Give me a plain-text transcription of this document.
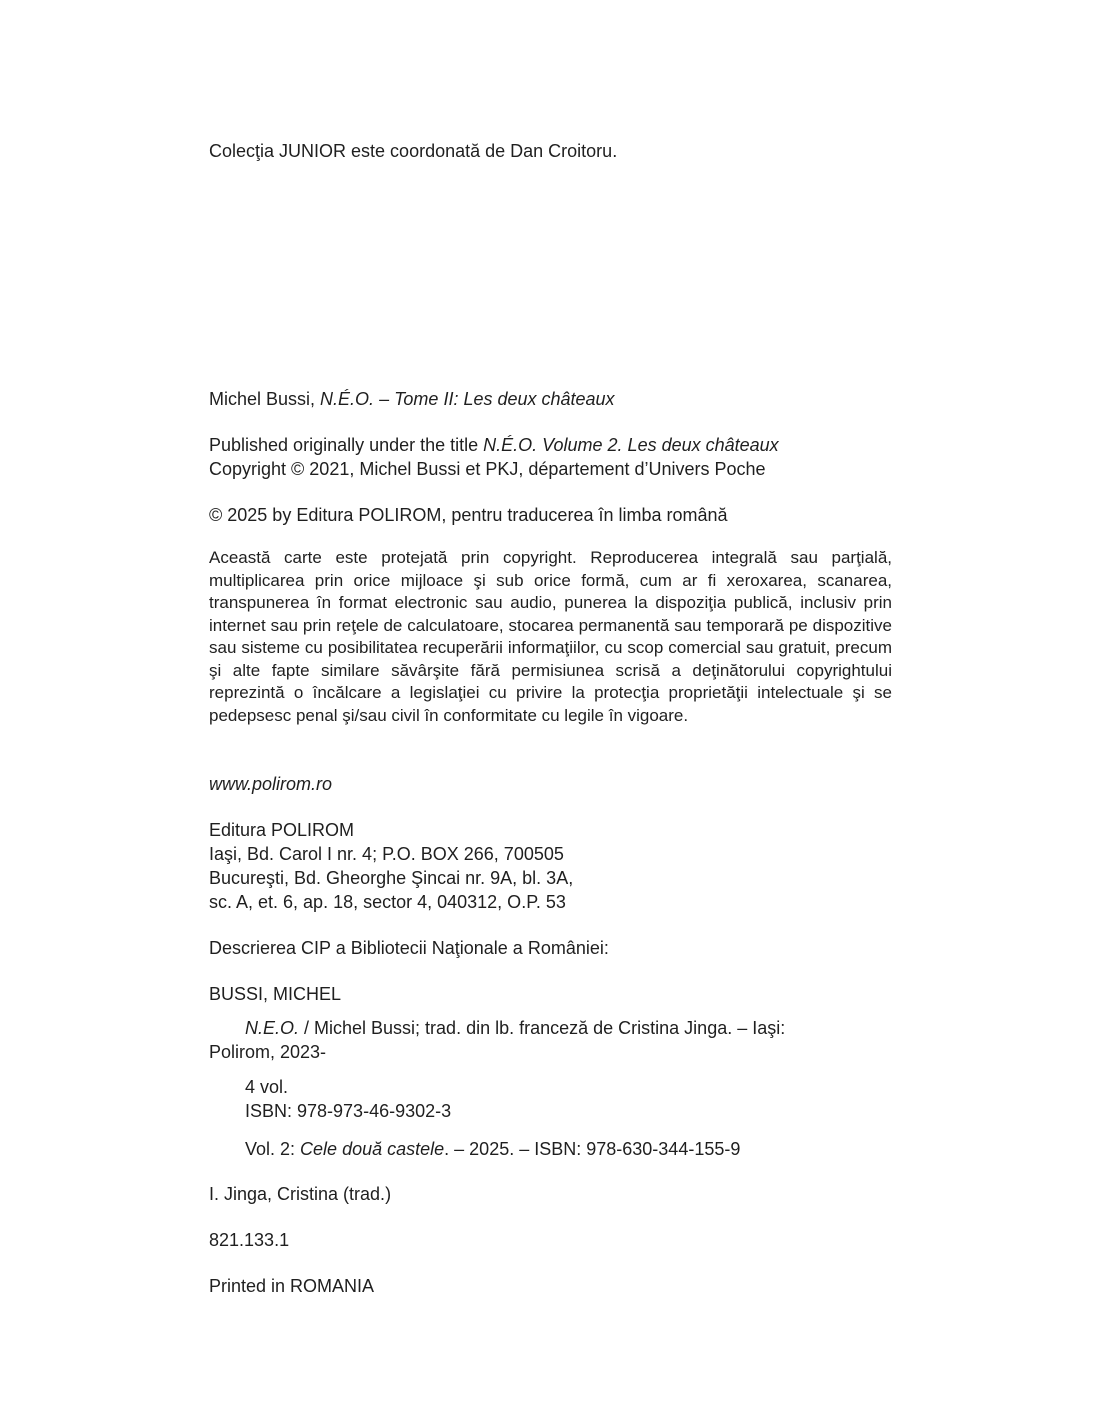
Colecţia JUNIOR este coordonată de Dan Croitoru.
Michel Bussi, N.É.O. – Tome II: Les deux châteaux
Published originally under the title N.É.O. Volume 2. Les deux châteaux
Copyright © 2021, Michel Bussi et PKJ, département d’Univers Poche
© 2025 by Editura POLIROM, pentru traducerea în limba română
Această carte este protejată prin copyright. Reproducerea integrală sau parţială, multiplicarea prin orice mijloace şi sub orice formă, cum ar fi xeroxarea, scanarea, transpunerea în format electronic sau audio, punerea la dispoziţia publică, inclusiv prin internet sau prin reţele de calculatoare, stocarea permanentă sau temporară pe dispozitive sau sisteme cu posibilitatea recuperării informaţiilor, cu scop comercial sau gratuit, precum şi alte fapte similare săvârşite fără permisiunea scrisă a deţinătorului copyrightului reprezintă o încălcare a legislaţiei cu privire la protecţia proprietăţii intelectuale şi se pedepsesc penal şi/sau civil în conformitate cu legile în vigoare.
www.polirom.ro
Editura POLIROM
Iaşi, Bd. Carol I nr. 4; P.O. BOX 266, 700505
Bucureşti, Bd. Gheorghe Şincai nr. 9A, bl. 3A,
sc. A, et. 6, ap. 18, sector 4, 040312, O.P. 53
Descrierea CIP a Bibliotecii Naţionale a României:
BUSSI, MICHEL
N.E.O. / Michel Bussi; trad. din lb. franceză de Cristina Jinga. – Iaşi:
Polirom, 2023-
4 vol.
ISBN: 978-973-46-9302-3
Vol. 2: Cele două castele. – 2025. – ISBN: 978-630-344-155-9
I. Jinga, Cristina (trad.)
821.133.1
Printed in ROMANIA
